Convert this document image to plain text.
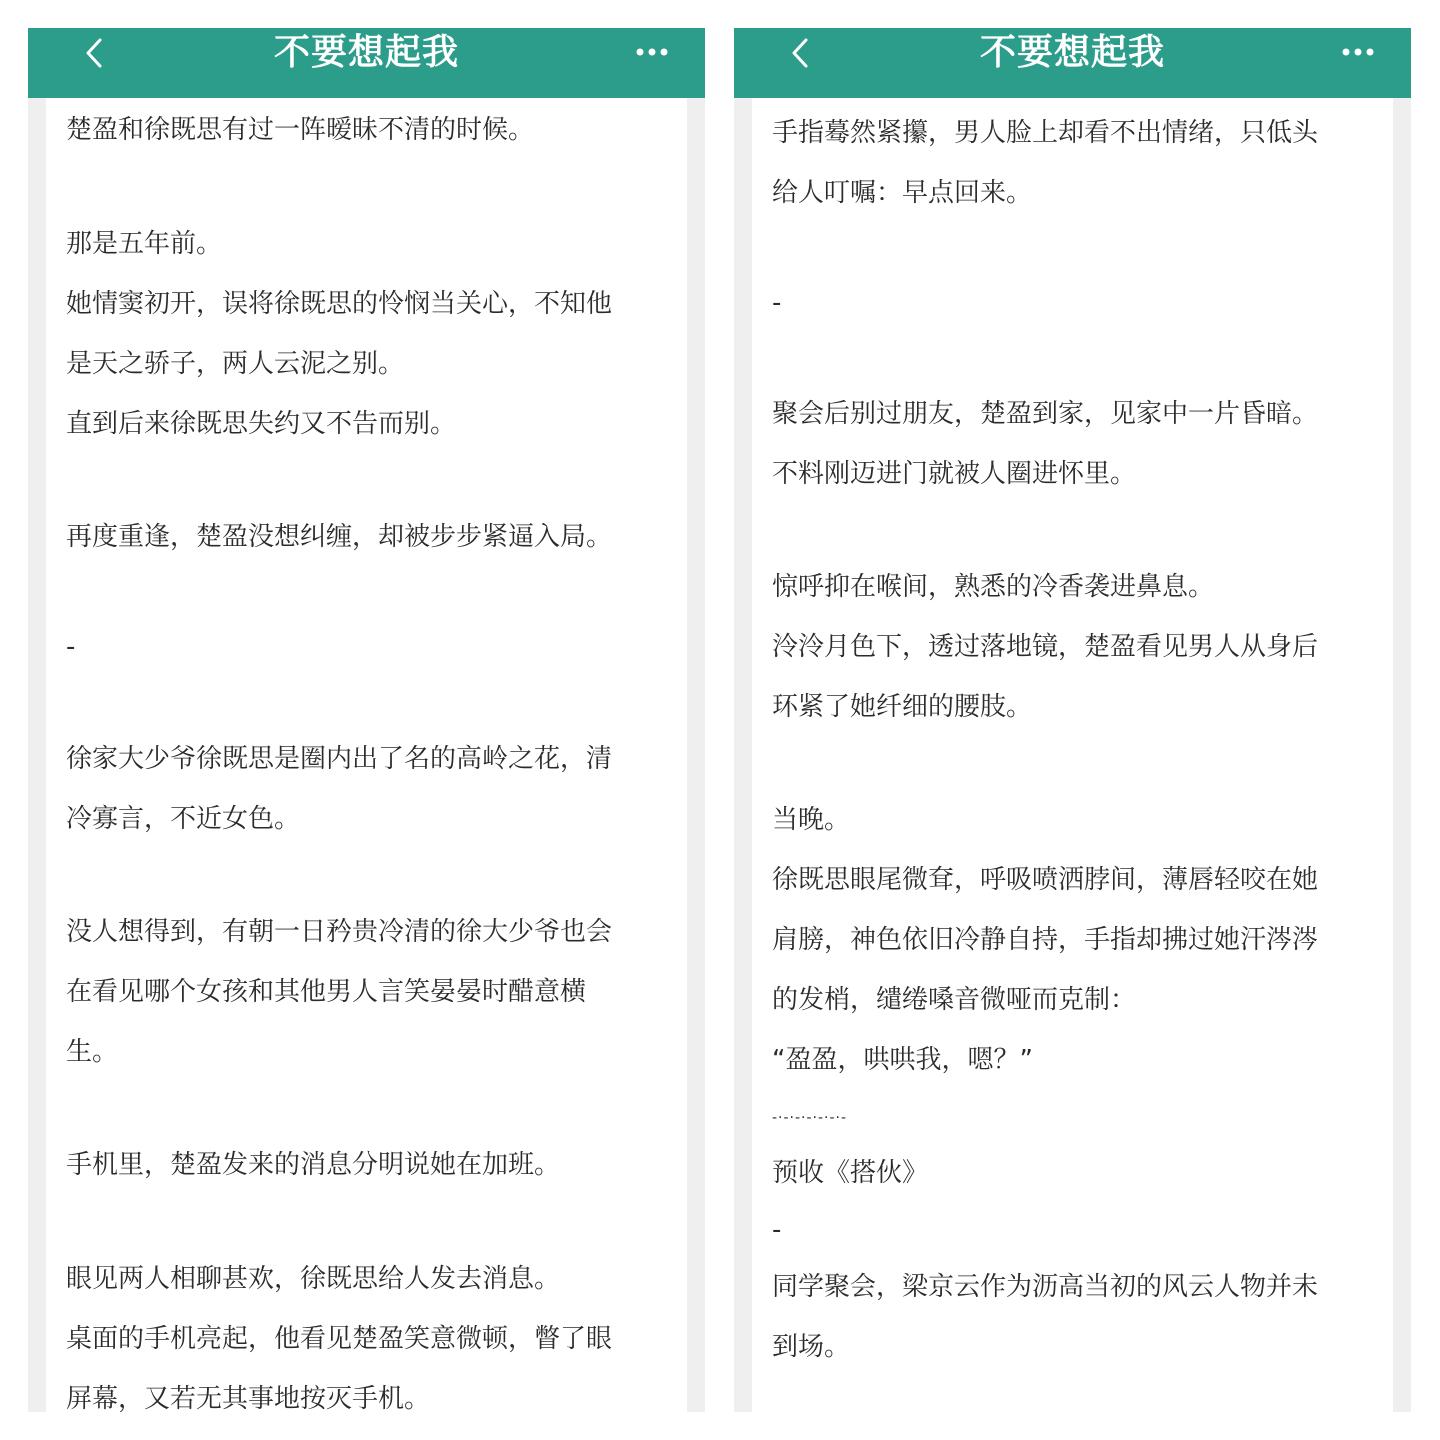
不要想起我
楚盈和徐既思有过一阵暧昧不清的时候。
那是五年前。
她情窦初开，误将徐既思的怜悯当关心，不知他
是天之骄子，两人云泥之别。
直到后来徐既思失约又不告而别。
再度重逢，楚盈没想纠缠，却被步步紧逼入局。
-
徐家大少爷徐既思是圈内出了名的高岭之花，清
冷寡言，不近女色。
没人想得到，有朝一日矜贵冷清的徐大少爷也会
在看见哪个女孩和其他男人言笑晏晏时醋意横
生。
手机里，楚盈发来的消息分明说她在加班。
眼见两人相聊甚欢，徐既思给人发去消息。
桌面的手机亮起，他看见楚盈笑意微顿，瞥了眼
屏幕，又若无其事地按灭手机。
不要想起我
手指蓦然紧攥，男人脸上却看不出情绪，只低头
给人叮嘱：早点回来。
-
聚会后别过朋友，楚盈到家，见家中一片昏暗。
不料刚迈进门就被人圈进怀里。
惊呼抑在喉间，熟悉的冷香袭进鼻息。
泠泠月色下，透过落地镜，楚盈看见男人从身后
环紧了她纤细的腰肢。
当晚。
徐既思眼尾微耷，呼吸喷洒脖间，薄唇轻咬在她
肩膀，神色依旧冷静自持，手指却拂过她汗涔涔
的发梢，缱绻嗓音微哑而克制：
“盈盈，哄哄我，嗯？”
-·-·-·-·-·-·-
预收《搭伙》
-
同学聚会，梁京云作为沥高当初的风云人物并未
到场。
